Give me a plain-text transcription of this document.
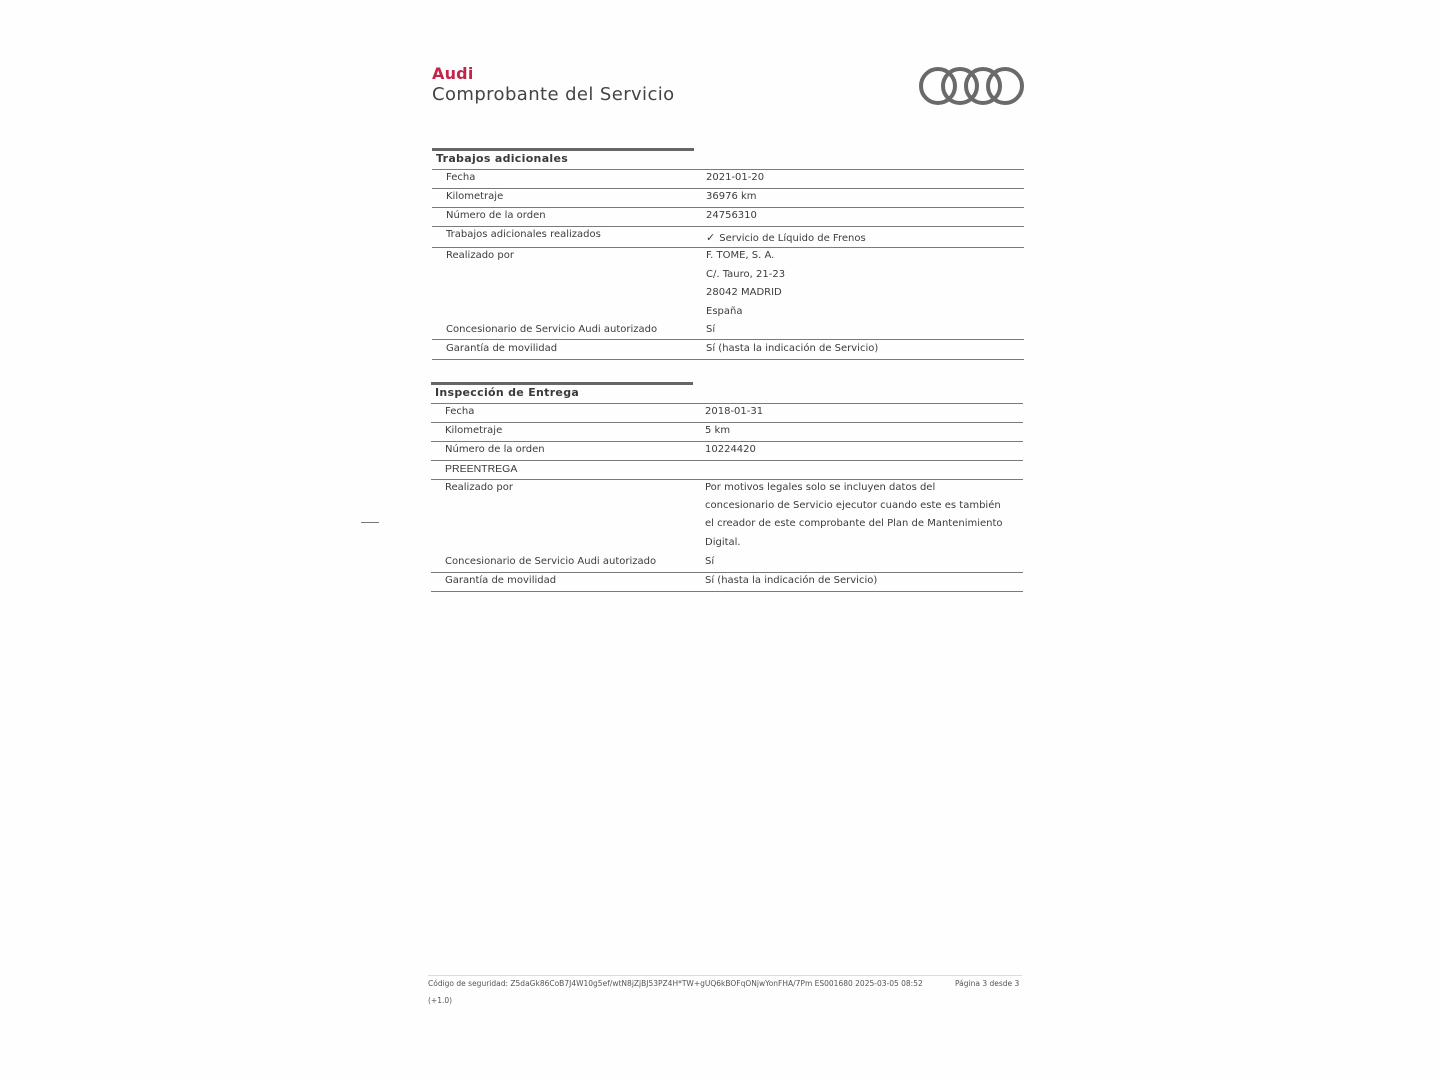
Audi
Comprobante del Servicio
Trabajos adicionales
Fecha	2021-01-20
Kilometraje	36976 km
Número de la orden	24756310
Trabajos adicionales realizados	✓ Servicio de Líquido de Frenos
Realizado por	F. TOME, S. A.
C/. Tauro, 21-23
28042 MADRID
España
Concesionario de Servicio Audi autorizado	Sí
Garantía de movilidad	Sí (hasta la indicación de Servicio)
Inspección de Entrega
Fecha	2018-01-31
Kilometraje	5 km
Número de la orden	10224420
PREENTREGA
Realizado por	Por motivos legales solo se incluyen datos del concesionario de Servicio ejecutor cuando este es también el creador de este comprobante del Plan de Mantenimiento Digital.
Concesionario de Servicio Audi autorizado	Sí
Garantía de movilidad	Sí (hasta la indicación de Servicio)
Código de seguridad: Z5daGk86CoB7J4W10g5ef/wtN8jZjBJ53PZ4H*TW+gUQ6kBOFqONjwYonFHA/7Pm ES001680 2025-03-05 08:52
(+1.0)
Página 3 desde 3
